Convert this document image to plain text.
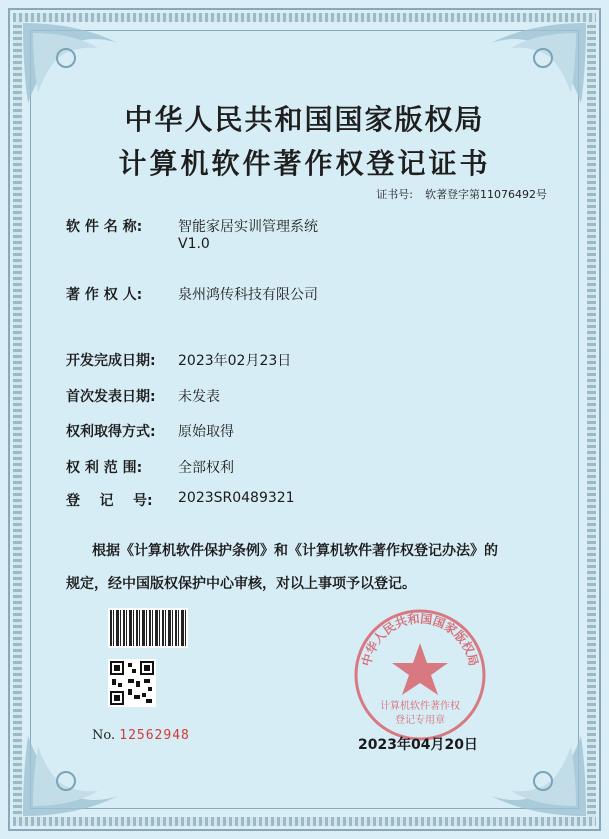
中华人民共和国国家版权局
计算机软件著作权登记证书
证书号: 软著登字第11076492号
软 件 名 称:	智能家居实训管理系统
V1.0
著 作 权 人:	泉州鸿传科技有限公司
开发完成日期: 2023年02月23日
首次发表日期: 未发表
权利取得方式: 原始取得
权 利 范 围:	全部权利
登    记    号: 2023SR0489321
根据《计算机软件保护条例》和《计算机软件著作权登记办法》的
规定，经中国版权保护中心审核，对以上事项予以登记。
No. 12562948
中华人民共和国国家版权局
计算机软件著作权
登记专用章
2023年04月20日
